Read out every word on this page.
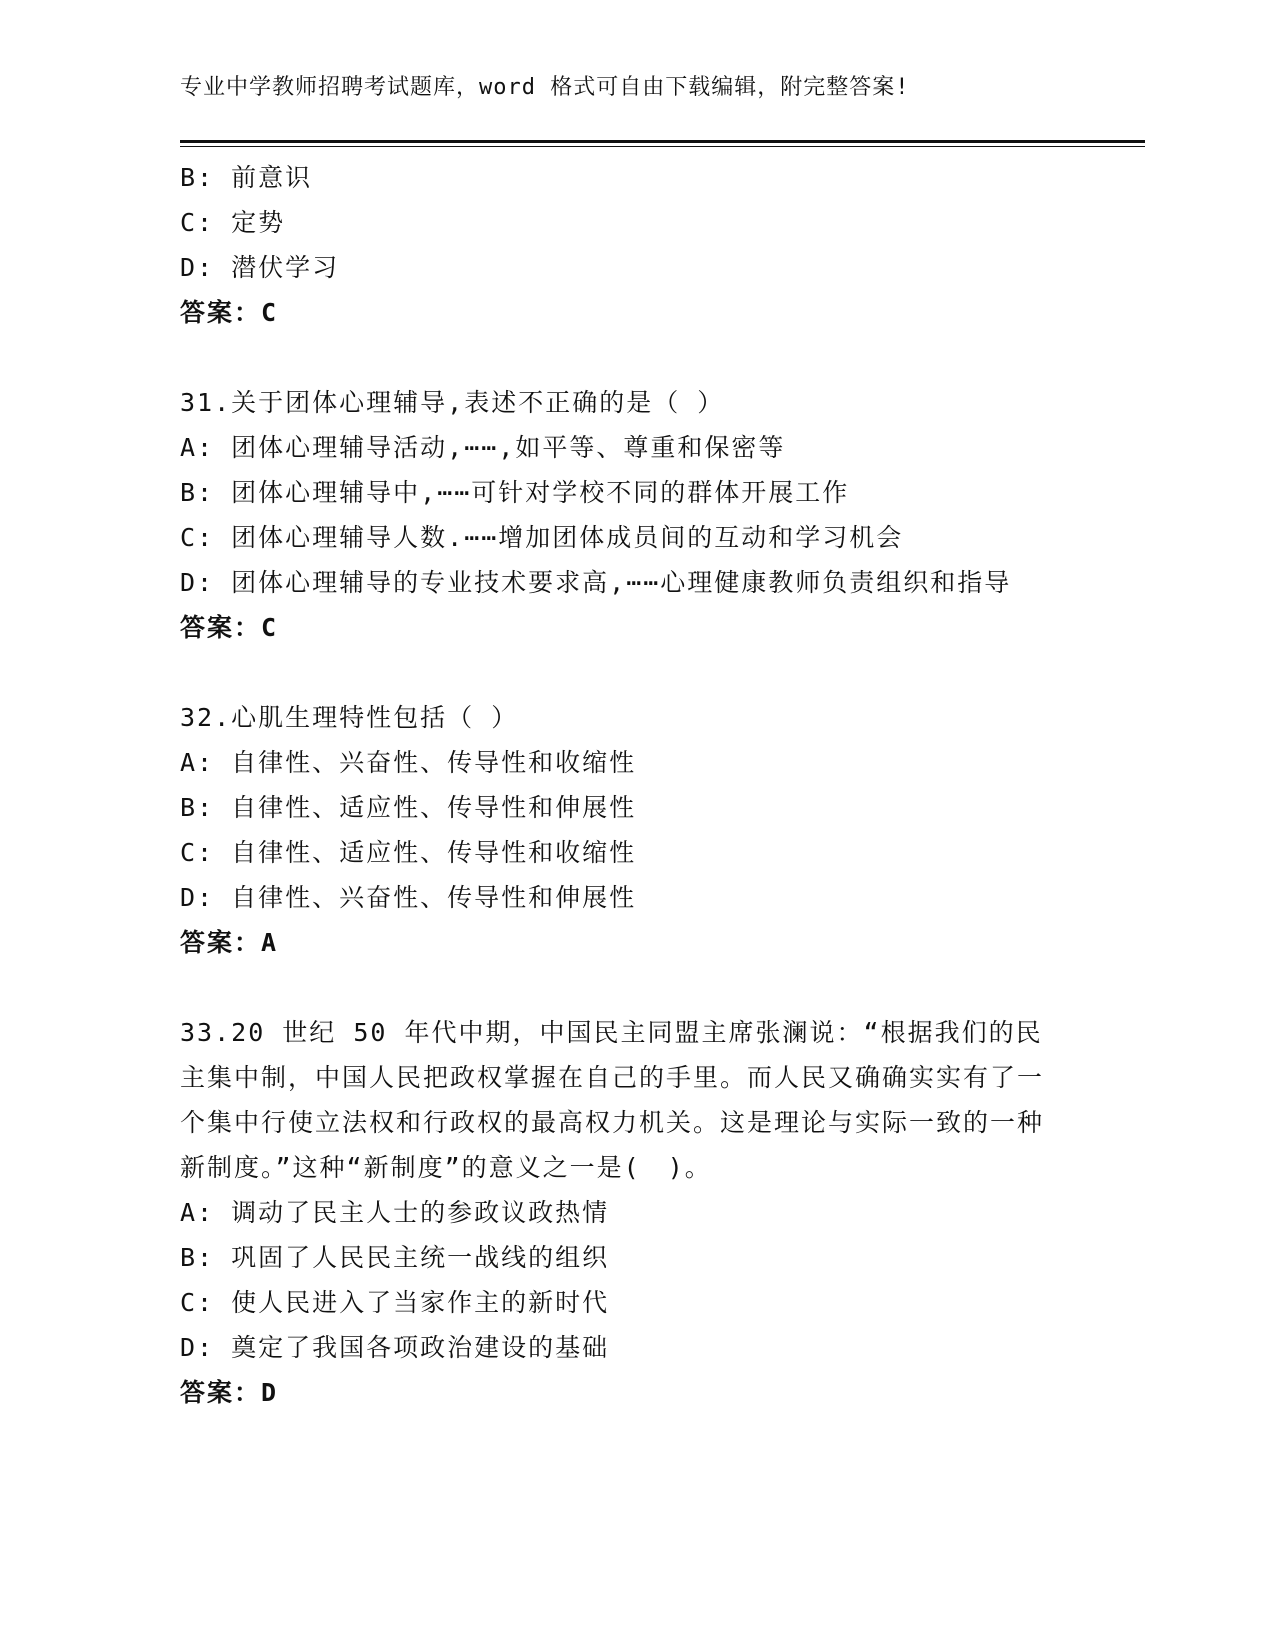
专业中学教师招聘考试题库，word 格式可自由下载编辑，附完整答案!
B: 前意识
C: 定势
D: 潜伏学习
答案：C
31.关于团体心理辅导,表述不正确的是（ ）
A: 团体心理辅导活动,⋯⋯,如平等、尊重和保密等
B: 团体心理辅导中,⋯⋯可针对学校不同的群体开展工作
C: 团体心理辅导人数.⋯⋯增加团体成员间的互动和学习机会
D: 团体心理辅导的专业技术要求高,⋯⋯心理健康教师负责组织和指导
答案：C
32.心肌生理特性包括（ ）
A: 自律性、兴奋性、传导性和收缩性
B: 自律性、适应性、传导性和伸展性
C: 自律性、适应性、传导性和收缩性
D: 自律性、兴奋性、传导性和伸展性
答案：A
33.20 世纪 50 年代中期，中国民主同盟主席张澜说：“根据我们的民主集中制，中国人民把政权掌握在自己的手里。而人民又确确实实有了一个集中行使立法权和行政权的最高权力机关。这是理论与实际一致的一种新制度。”这种“新制度”的意义之一是(　)。
A: 调动了民主人士的参政议政热情
B: 巩固了人民民主统一战线的组织
C: 使人民进入了当家作主的新时代
D: 奠定了我国各项政治建设的基础
答案：D
